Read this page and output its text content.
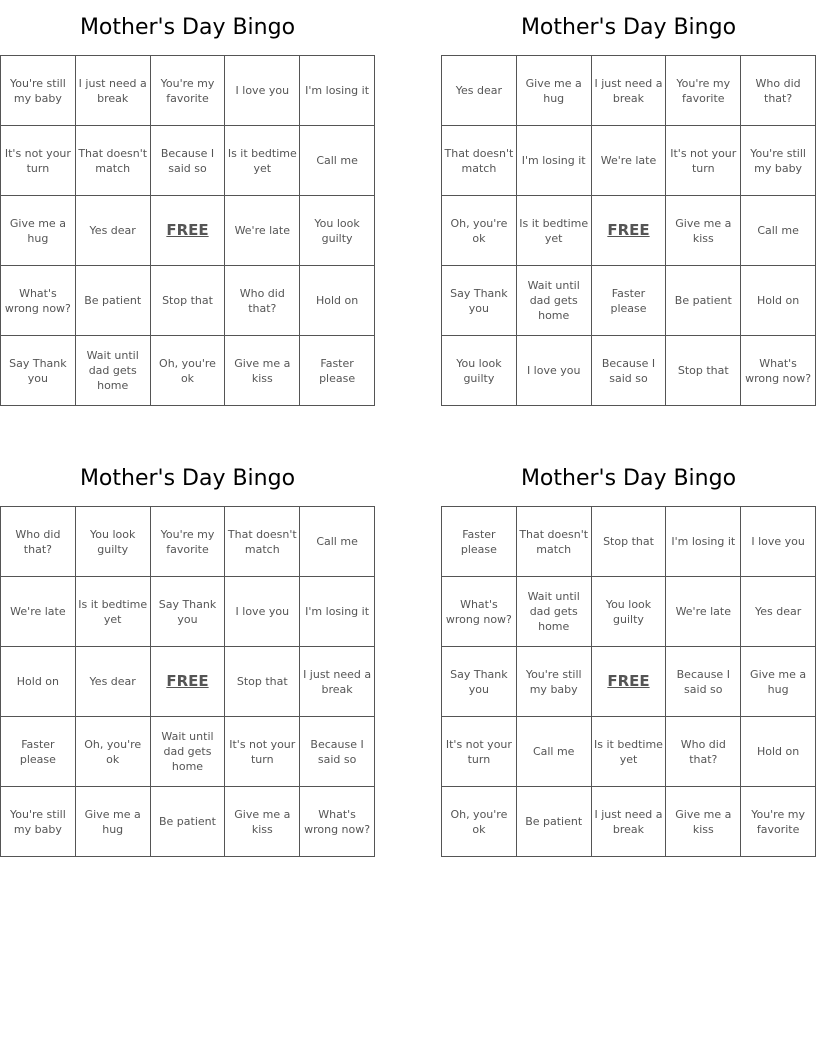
Mother's Day Bingo
You're still my baby	I just need a break	You're my favorite	I love you	I'm losing it
It's not your turn	That doesn't match	Because I said so	Is it bedtime yet	Call me
Give me a hug	Yes dear	FREE	We're late	You look guilty
What's wrong now?	Be patient	Stop that	Who did that?	Hold on
Say Thank you	Wait until dad gets home	Oh, you're ok	Give me a kiss	Faster please
Mother's Day Bingo
Yes dear	Give me a hug	I just need a break	You're my favorite	Who did that?
That doesn't match	I'm losing it	We're late	It's not your turn	You're still my baby
Oh, you're ok	Is it bedtime yet	FREE	Give me a kiss	Call me
Say Thank you	Wait until dad gets home	Faster please	Be patient	Hold on
You look guilty	I love you	Because I said so	Stop that	What's wrong now?
Mother's Day Bingo
Who did that?	You look guilty	You're my favorite	That doesn't match	Call me
We're late	Is it bedtime yet	Say Thank you	I love you	I'm losing it
Hold on	Yes dear	FREE	Stop that	I just need a break
Faster please	Oh, you're ok	Wait until dad gets home	It's not your turn	Because I said so
You're still my baby	Give me a hug	Be patient	Give me a kiss	What's wrong now?
Mother's Day Bingo
Faster please	That doesn't match	Stop that	I'm losing it	I love you
What's wrong now?	Wait until dad gets home	You look guilty	We're late	Yes dear
Say Thank you	You're still my baby	FREE	Because I said so	Give me a hug
It's not your turn	Call me	Is it bedtime yet	Who did that?	Hold on
Oh, you're ok	Be patient	I just need a break	Give me a kiss	You're my favorite
